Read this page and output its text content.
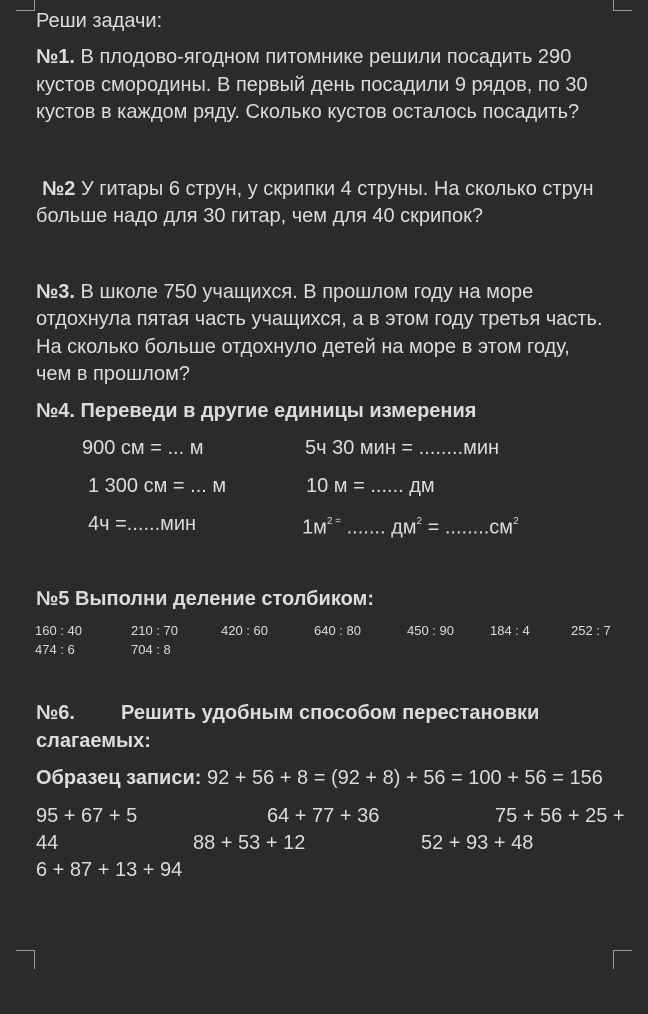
Реши задачи:
№1. В плодово-ягодном питомнике решили посадить 290
кустов смородины. В первый день посадили 9 рядов, по 30
кустов в каждом ряду. Сколько кустов осталось посадить?
№2 У гитары 6 струн, у скрипки 4 струны. На сколько струн
больше надо для 30 гитар, чем для 40 скрипок?
№3. В школе 750 учащихся. В прошлом году на море
отдохнула пятая часть учащихся, а в этом году третья часть.
На сколько больше отдохнуло детей на море в этом году,
чем в прошлом?
№4. Переведи в другие единицы измерения
900 см = ... м	5ч 30 мин = ........мин
1 300 см = ... м	10 м = ...... дм
4ч =......мин	$1м^{2 =}$ ....... $дм^2 = ........см^2$
№5 Выполни деление столбиком:
160 : 40	210 : 70	420 : 60	640 : 80	450 : 90	184 : 4	252 : 7
474 : 6	704 : 8
№6. Решить удобным способом перестановки
слагаемых:
Образец записи: 92 + 56 + 8 = (92 + 8) + 56 = 100 + 56 = 156
95 + 67 + 5	64 + 77 + 36	75 + 56 + 25 +
44	88 + 53 + 12	52 + 93 + 48
6 + 87 + 13 + 94
